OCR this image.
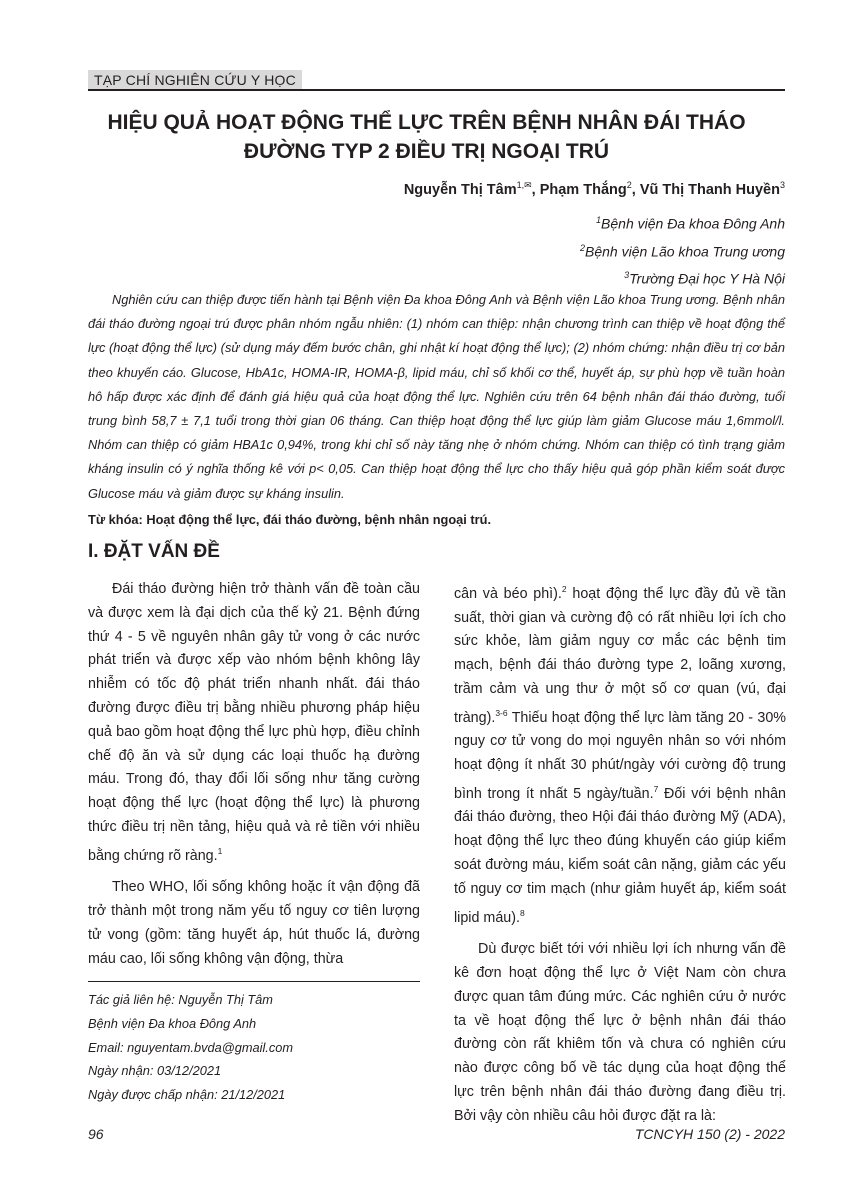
TẠP CHÍ NGHIÊN CỨU Y HỌC
HIỆU QUẢ HOẠT ĐỘNG THỂ LỰC TRÊN BỆNH NHÂN ĐÁI THÁO
ĐƯỜNG TYP 2 ĐIỀU TRỊ NGOẠI TRÚ
Nguyễn Thị Tâm$^{1,✉}$, Phạm Thắng$^2$, Vũ Thị Thanh Huyền$^3$
$^1$Bệnh viện Đa khoa Đông Anh
$^2$Bệnh viện Lão khoa Trung ương
$^3$Trường Đại học Y Hà Nội
Nghiên cứu can thiệp được tiến hành tại Bệnh viện Đa khoa Đông Anh và Bệnh viện Lão khoa Trung ương. Bệnh nhân đái tháo đường ngoại trú được phân nhóm ngẫu nhiên: (1) nhóm can thiệp: nhận chương trình can thiệp về hoạt động thể lực (hoạt động thể lực) (sử dụng máy đếm bước chân, ghi nhật kí hoạt động thể lực); (2) nhóm chứng: nhận điều trị cơ bản theo khuyến cáo. Glucose, HbA1c, HOMA-IR, HOMA-β, lipid máu, chỉ số khối cơ thể, huyết áp, sự phù hợp về tuần hoàn hô hấp được xác định để đánh giá hiệu quả của hoạt động thể lực. Nghiên cứu trên 64 bệnh nhân đái tháo đường, tuổi trung bình 58,7 ± 7,1 tuổi trong thời gian 06 tháng. Can thiệp hoạt động thể lực giúp làm giảm Glucose máu 1,6mmol/l. Nhóm can thiệp có giảm HBA1c 0,94%, trong khi chỉ số này tăng nhẹ ở nhóm chứng. Nhóm can thiệp có tình trạng giảm kháng insulin có ý nghĩa thống kê với p< 0,05. Can thiệp hoạt động thể lực cho thấy hiệu quả góp phần kiểm soát được Glucose máu và giảm được sự kháng insulin.
Từ khóa: Hoạt động thể lực, đái tháo đường, bệnh nhân ngoại trú.
I. ĐẶT VẤN ĐỀ

Đái tháo đường hiện trở thành vấn đề toàn cầu và được xem là đại dịch của thế kỷ 21. Bệnh đứng thứ 4 - 5 về nguyên nhân gây tử vong ở các nước phát triển và được xếp vào nhóm bệnh không lây nhiễm có tốc độ phát triển nhanh nhất. đái tháo đường được điều trị bằng nhiều phương pháp hiệu quả bao gồm hoạt động thể lực phù hợp, điều chỉnh chế độ ăn và sử dụng các loại thuốc hạ đường máu. Trong đó, thay đổi lối sống như tăng cường hoạt động thể lực (hoạt động thể lực) là phương thức điều trị nền tảng, hiệu quả và rẻ tiền với nhiều bằng chứng rõ ràng.$^1$

Theo WHO, lối sống không hoặc ít vận động đã trở thành một trong năm yếu tố nguy cơ tiên lượng tử vong (gồm: tăng huyết áp, hút thuốc lá, đường máu cao, lối sống không vận động, thừa

cân và béo phì).$^2$ hoạt động thể lực đầy đủ về tần suất, thời gian và cường độ có rất nhiều lợi ích cho sức khỏe, làm giảm nguy cơ mắc các bệnh tim mạch, bệnh đái tháo đường type 2, loãng xương, trầm cảm và ung thư ở một số cơ quan (vú, đại tràng).$^{3-6}$ Thiếu hoạt động thể lực làm tăng 20 - 30% nguy cơ tử vong do mọi nguyên nhân so với nhóm hoạt động ít nhất 30 phút/ngày với cường độ trung bình trong ít nhất 5 ngày/tuần.$^7$ Đối với bệnh nhân đái tháo đường, theo Hội đái tháo đường Mỹ (ADA), hoạt động thể lực theo đúng khuyến cáo giúp kiểm soát đường máu, kiểm soát cân nặng, giảm các yếu tố nguy cơ tim mạch (như giảm huyết áp, kiểm soát lipid máu).$^8$

Dù được biết tới với nhiều lợi ích nhưng vấn đề kê đơn hoạt động thể lực ở Việt Nam còn chưa được quan tâm đúng mức. Các nghiên cứu ở nước ta về hoạt động thể lực ở bệnh nhân đái tháo đường còn rất khiêm tốn và chưa có nghiên cứu nào được công bố về tác dụng của hoạt động thể lực trên bệnh nhân đái tháo đường đang điều trị. Bởi vậy còn nhiều câu hỏi được đặt ra là:

Tác giả liên hệ: Nguyễn Thị Tâm
Bệnh viện Đa khoa Đông Anh
Email: nguyentam.bvda@gmail.com
Ngày nhận: 03/12/2021
Ngày được chấp nhận: 21/12/2021
96	TCNCYH 150 (2) - 2022
